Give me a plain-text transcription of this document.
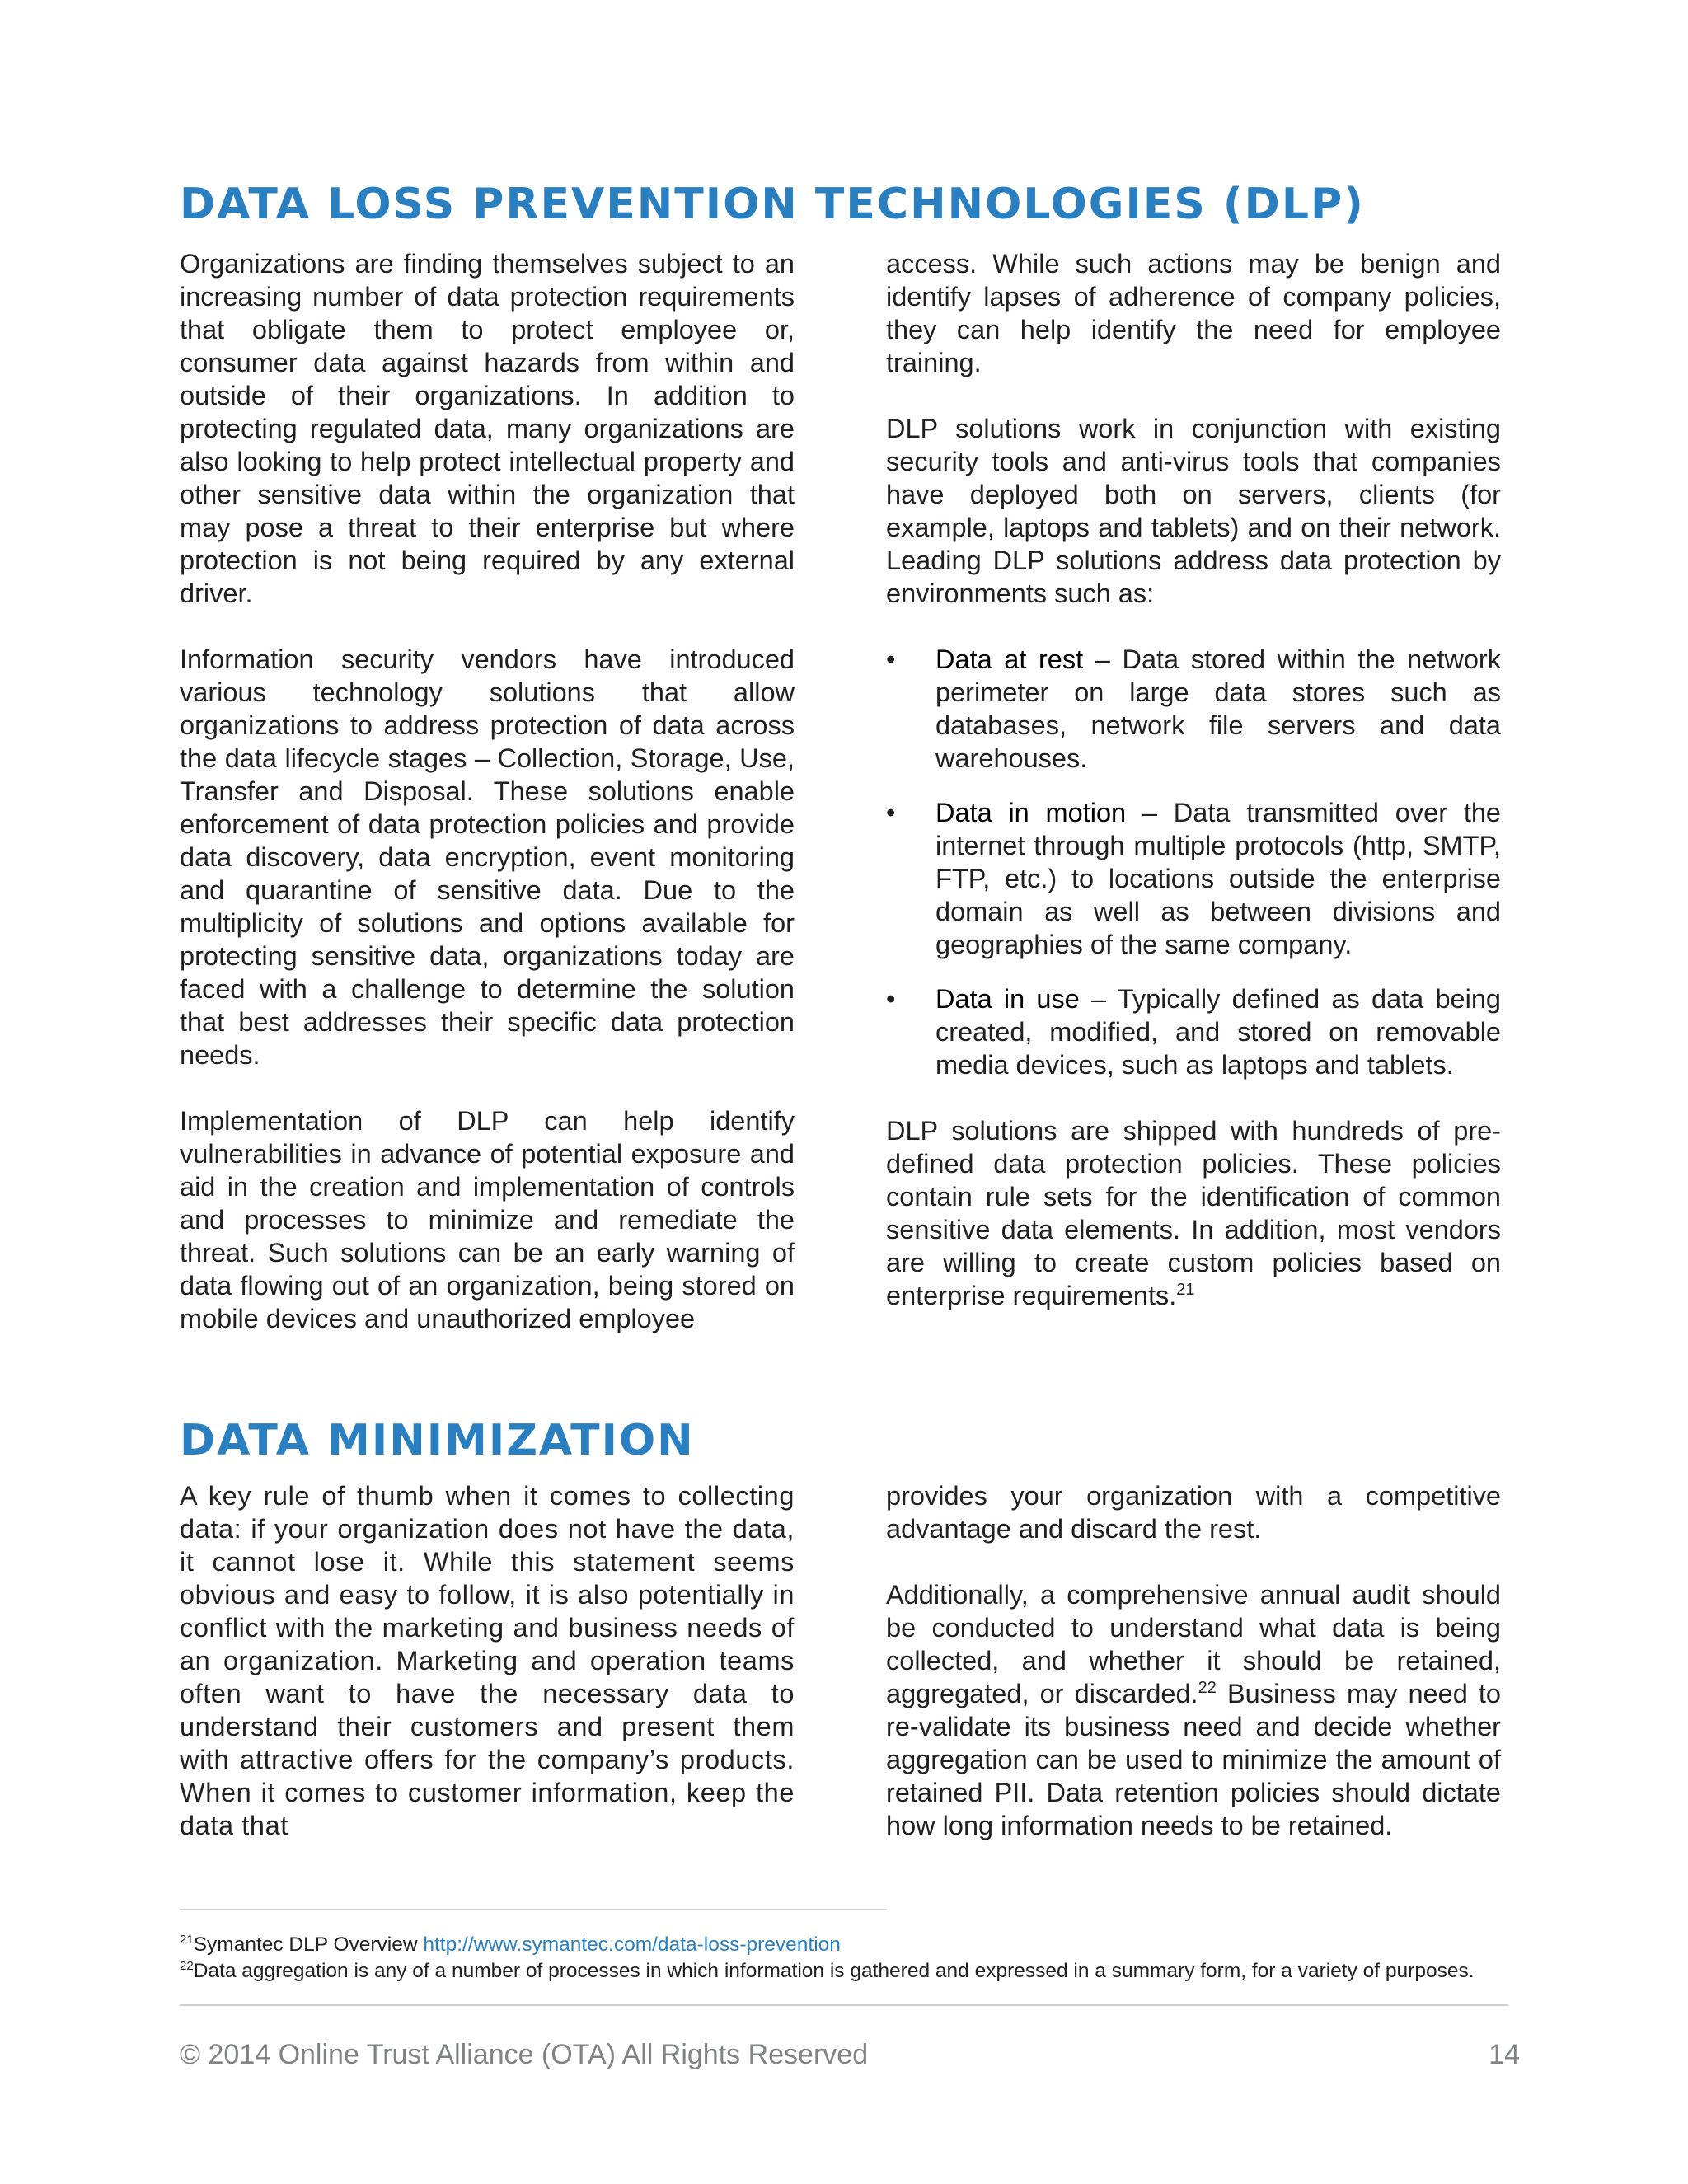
DATA LOSS PREVENTION TECHNOLOGIES (DLP)

Organizations are finding themselves subject to an increasing number of data protection requirements that obligate them to protect employee or, consumer data against hazards from within and outside of their organizations. In addition to protecting regulated data, many organizations are also looking to help protect intellectual property and other sensitive data within the organization that may pose a threat to their enterprise but where protection is not being required by any external driver.

Information security vendors have introduced various technology solutions that allow organizations to address protection of data across the data lifecycle stages – Collection, Storage, Use, Transfer and Disposal. These solutions enable enforcement of data protection policies and provide data discovery, data encryption, event monitoring and quarantine of sensitive data. Due to the multiplicity of solutions and options available for protecting sensitive data, organizations today are faced with a challenge to determine the solution that best addresses their specific data protection needs.

Implementation of DLP can help identify vulnerabilities in advance of potential exposure and aid in the creation and implementation of controls and processes to minimize and remediate the threat. Such solutions can be an early warning of data flowing out of an organization, being stored on mobile devices and unauthorized employee

access. While such actions may be benign and identify lapses of adherence of company policies, they can help identify the need for employee training.

DLP solutions work in conjunction with existing security tools and anti-virus tools that companies have deployed both on servers, clients (for example, laptops and tablets) and on their network. Leading DLP solutions address data protection by environments such as:

•	Data at rest – Data stored within the network perimeter on large data stores such as databases, network file servers and data warehouses.
•	Data in motion – Data transmitted over the internet through multiple protocols (http, SMTP, FTP, etc.) to locations outside the enterprise domain as well as between divisions and geographies of the same company.
•	Data in use – Typically defined as data being created, modified, and stored on removable media devices, such as laptops and tablets.

DLP solutions are shipped with hundreds of pre-defined data protection policies. These policies contain rule sets for the identification of common sensitive data elements. In addition, most vendors are willing to create custom policies based on enterprise requirements.$^{21}$

DATA MINIMIZATION

A key rule of thumb when it comes to collecting data: if your organization does not have the data, it cannot lose it. While this statement seems obvious and easy to follow, it is also potentially in conflict with the marketing and business needs of an organization. Marketing and operation teams often want to have the necessary data to understand their customers and present them with attractive offers for the company’s products. When it comes to customer information, keep the data that

provides your organization with a competitive advantage and discard the rest.

Additionally, a comprehensive annual audit should be conducted to understand what data is being collected, and whether it should be retained, aggregated, or discarded.$^{22}$ Business may need to re-validate its business need and decide whether aggregation can be used to minimize the amount of retained PII. Data retention policies should dictate how long information needs to be retained.

$^{21}$Symantec DLP Overview http://www.symantec.com/data-loss-prevention
$^{22}$Data aggregation is any of a number of processes in which information is gathered and expressed in a summary form, for a variety of purposes.
© 2014 Online Trust Alliance (OTA) All Rights Reserved	14
